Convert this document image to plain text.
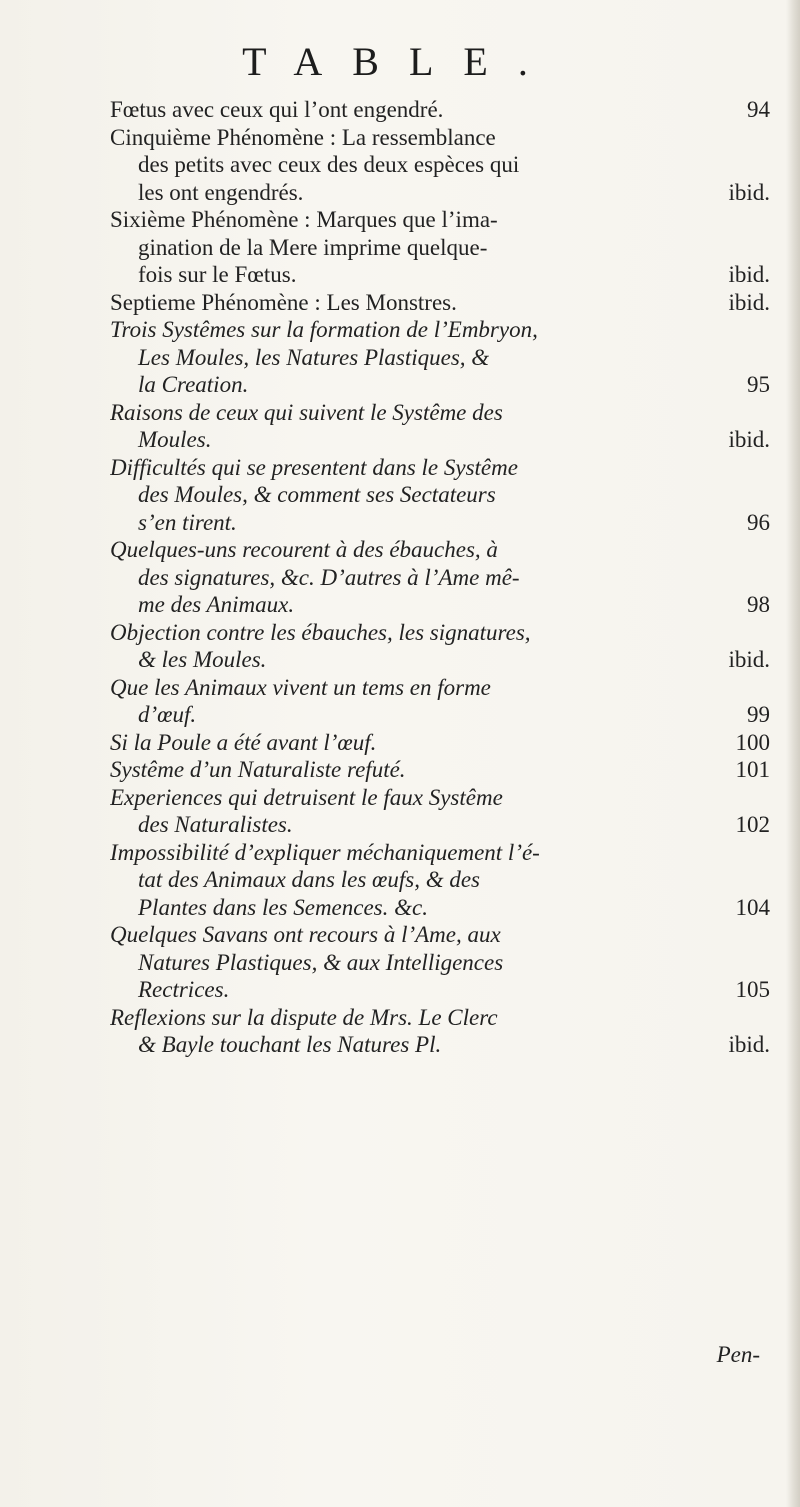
TABLE.
Fœtus avec ceux qui l’ont engendré.	94
Cinquième Phénomène : La ressemblance
des petits avec ceux des deux espèces qui
les ont engendrés.	ibid.
Sixième Phénomène : Marques que l’ima-
gination de la Mere imprime quelque-
fois sur le Fœtus.	ibid.
Septieme Phénomène : Les Monstres.	ibid.
Trois Systêmes sur la formation de l’Embryon,
Les Moules, les Natures Plastiques, &
la Creation.	95
Raisons de ceux qui suivent le Systême des
Moules.	ibid.
Difficultés qui se presentent dans le Systême
des Moules, & comment ses Sectateurs
s’en tirent.	96
Quelques-uns recourent à des ébauches, à
des signatures, &c. D’autres à l’Ame mê-
me des Animaux.	98
Objection contre les ébauches, les signatures,
& les Moules.	ibid.
Que les Animaux vivent un tems en forme
d’œuf.	99
Si la Poule a été avant l’œuf.	100
Systême d’un Naturaliste refuté.	101
Experiences qui detruisent le faux Systême
des Naturalistes.	102
Impossibilité d’expliquer méchaniquement l’é-
tat des Animaux dans les œufs, & des
Plantes dans les Semences. &c.	104
Quelques Savans ont recours à l’Ame, aux
Natures Plastiques, & aux Intelligences
Rectrices.	105
Reflexions sur la dispute de Mrs. Le Clerc
& Bayle touchant les Natures Pl.	ibid.
Pen-
